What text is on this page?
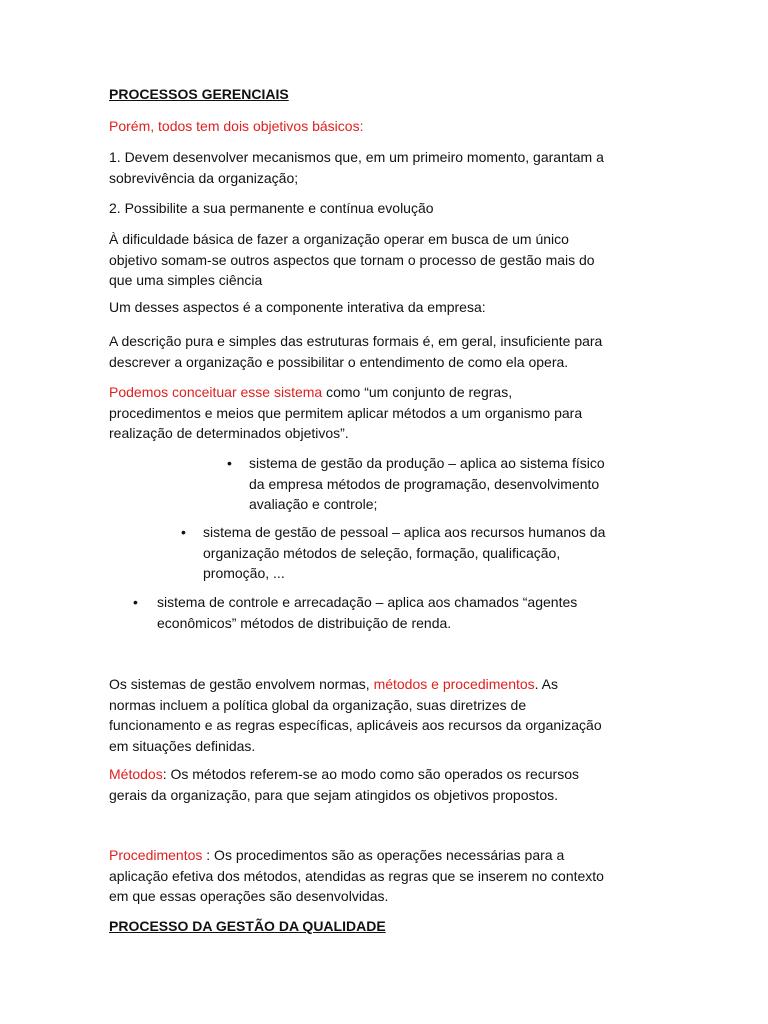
PROCESSOS GERENCIAIS
Porém, todos tem dois objetivos básicos:
1. Devem desenvolver mecanismos que, em um primeiro momento, garantam a
sobrevivência da organização;
2. Possibilite a sua permanente e contínua evolução
À dificuldade básica de fazer a organização operar em busca de um único
objetivo somam-se outros aspectos que tornam o processo de gestão mais do
que uma simples ciência
Um desses aspectos é a componente interativa da empresa:
A descrição pura e simples das estruturas formais é, em geral, insuficiente para
descrever a organização e possibilitar o entendimento de como ela opera.
Podemos conceituar esse sistema como “um conjunto de regras,
procedimentos e meios que permitem aplicar métodos a um organismo para
realização de determinados objetivos”.
• sistema de gestão da produção – aplica ao sistema físico
da empresa métodos de programação, desenvolvimento
avaliação e controle;
• sistema de gestão de pessoal – aplica aos recursos humanos da
organização métodos de seleção, formação, qualificação,
promoção, ...
• sistema de controle e arrecadação – aplica aos chamados “agentes
econômicos” métodos de distribuição de renda.
Os sistemas de gestão envolvem normas, métodos e procedimentos. As
normas incluem a política global da organização, suas diretrizes de
funcionamento e as regras específicas, aplicáveis aos recursos da organização
em situações definidas.
Métodos: Os métodos referem-se ao modo como são operados os recursos
gerais da organização, para que sejam atingidos os objetivos propostos.
Procedimentos : Os procedimentos são as operações necessárias para a
aplicação efetiva dos métodos, atendidas as regras que se inserem no contexto
em que essas operações são desenvolvidas.
PROCESSO DA GESTÃO DA QUALIDADE
